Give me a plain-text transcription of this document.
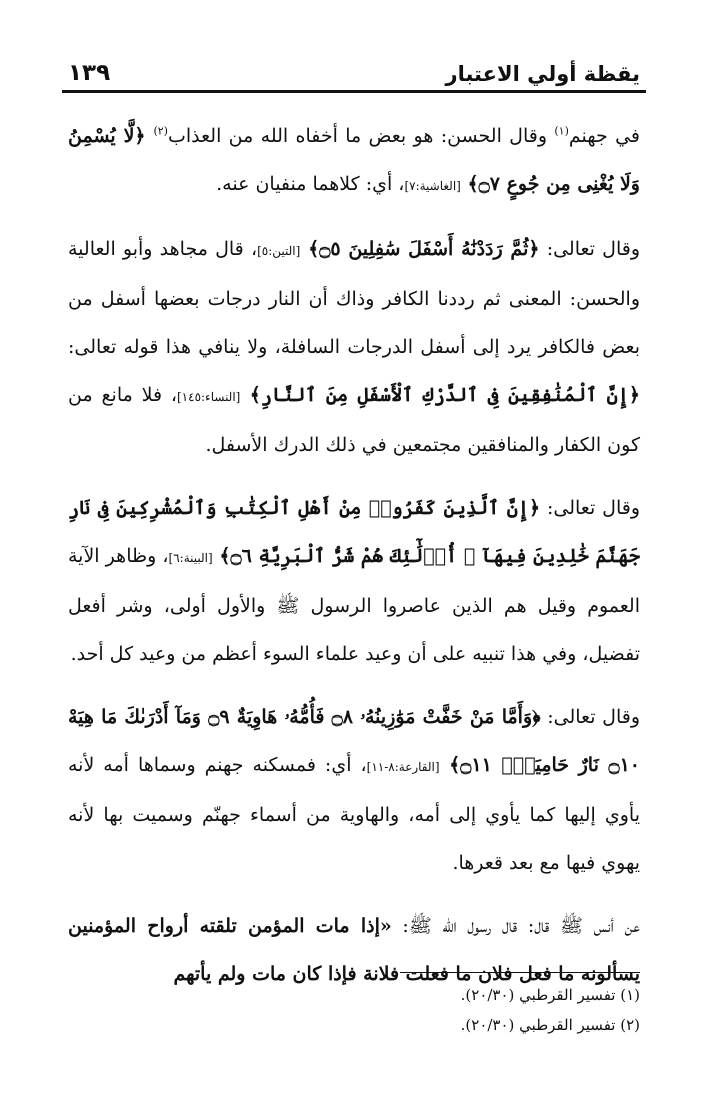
يقظة أولي الاعتبار
١٣٩

في جهنم$^{(١)}$ وقال الحسن: هو بعض ما أخفاه الله من العذاب$^{(٢)}$ ﴿لَّا يُسْمِنُ وَلَا يُغْنِى مِن جُوعٍ ۝٧﴾ [الغاشية:٧]، أي: كلاهما منفيان عنه.

وقال تعالى: ﴿ثُمَّ رَدَدْنَٰهُ أَسْفَلَ سَٰفِلِينَ ۝٥﴾ [التين:٥]، قال مجاهد وأبو العالية والحسن: المعنى ثم رددنا الكافر وذاك أن النار درجات بعضها أسفل من بعض فالكافر يرد إلى أسفل الدرجات السافلة، ولا ينافي هذا قوله تعالى: ﴿إِنَّ ٱلْمُنَٰفِقِينَ فِى ٱلدَّرْكِ ٱلْأَسْفَلِ مِنَ ٱلنَّارِ﴾ [النساء:١٤٥]، فلا مانع من كون الكفار والمنافقين مجتمعين في ذلك الدرك الأسفل.

وقال تعالى: ﴿إِنَّ ٱلَّذِينَ كَفَرُوا۟ مِنْ أَهْلِ ٱلْكِتَٰبِ وَٱلْمُشْرِكِينَ فِى نَارِ جَهَنَّمَ خَٰلِدِينَ فِيهَآ ۚ أُو۟لَٰٓئِكَ هُمْ شَرُّ ٱلْبَرِيَّةِ ۝٦﴾ [البينة:٦]، وظاهر الآية العموم وقيل هم الذين عاصروا الرسول ﷺ والأول أولى، وشر أفعل تفضيل، وفي هذا تنبيه على أن وعيد علماء السوء أعظم من وعيد كل أحد.

وقال تعالى: ﴿وَأَمَّا مَنْ خَفَّتْ مَوَٰزِينُهُۥ ۝٨ فَأُمُّهُۥ هَاوِيَةٌ ۝٩ وَمَآ أَدْرَىٰكَ مَا هِيَهْ ۝١٠ نَارٌ حَامِيَةٌۢ ۝١١﴾ [القارعة:٨-١١]، أي: فمسكنه جهنم وسماها أمه لأنه يأوي إليها كما يأوي إلى أمه، والهاوية من أسماء جهنّم وسميت بها لأنه يهوي فيها مع بعد قعرها.

عن أنس ﷺ قال: قال رسول الله ﷺ: «إذا مات المؤمن تلقته أرواح المؤمنين يسألونه ما فعل فلان ما فعلت فلانة فإذا كان مات ولم يأتهم

(١) تفسير القرطبي (٢٠/٣٠).
(٢) تفسير القرطبي (٢٠/٣٠).
